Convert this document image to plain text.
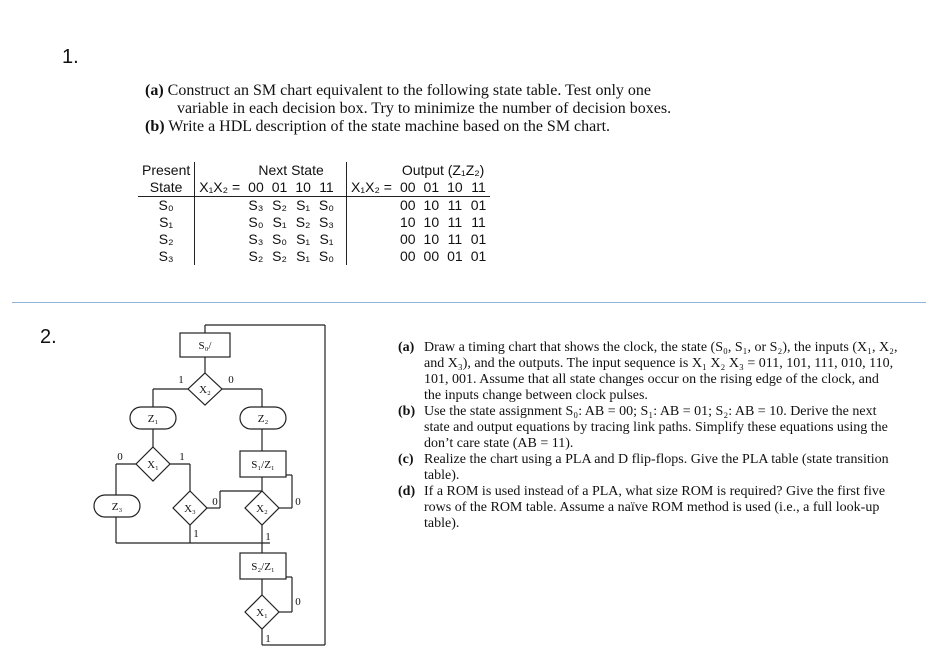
1.
(a) Construct an SM chart equivalent to the following state table. Test only one
variable in each decision box. Try to minimize the number of decision boxes.
(b) Write a HDL description of the state machine based on the SM chart.
Present		Next State						Output (Z₁Z₂)			
State	X₁X₂ =	00	01	10	11		X₁X₂ =	00	01	10	11
S₀		S₃	S₂	S₁	S₀			00	10	11	01
S₁		S₀	S₁	S₂	S₃			10	10	11	11
S₂		S₃	S₀	S₁	S₁			00	10	11	01
S₃		S₂	S₂	S₁	S₀			00	00	01	01
2.	S₀/
X₂
1	0
Z₁	Z₂
X₁
0	1
S₁/Z₁
Z₃	X₃
0
1
X₂
0
1
S₂/Z₁
X₁
0
1
(a) Draw a timing chart that shows the clock, the state (S₀, S₁, or S₂), the inputs (X₁, X₂, and X₃), and the outputs. The input sequence is X₁ X₂ X₃ = 011, 101, 111, 010, 110, 101, 001. Assume that all state changes occur on the rising edge of the clock, and the inputs change between clock pulses.
(b) Use the state assignment S₀: AB = 00; S₁: AB = 01; S₂: AB = 10. Derive the next state and output equations by tracing link paths. Simplify these equations using the don’t care state (AB = 11).
(c) Realize the chart using a PLA and D flip-flops. Give the PLA table (state transition table).
(d) If a ROM is used instead of a PLA, what size ROM is required? Give the first five rows of the ROM table. Assume a naïve ROM method is used (i.e., a full look-up table).
